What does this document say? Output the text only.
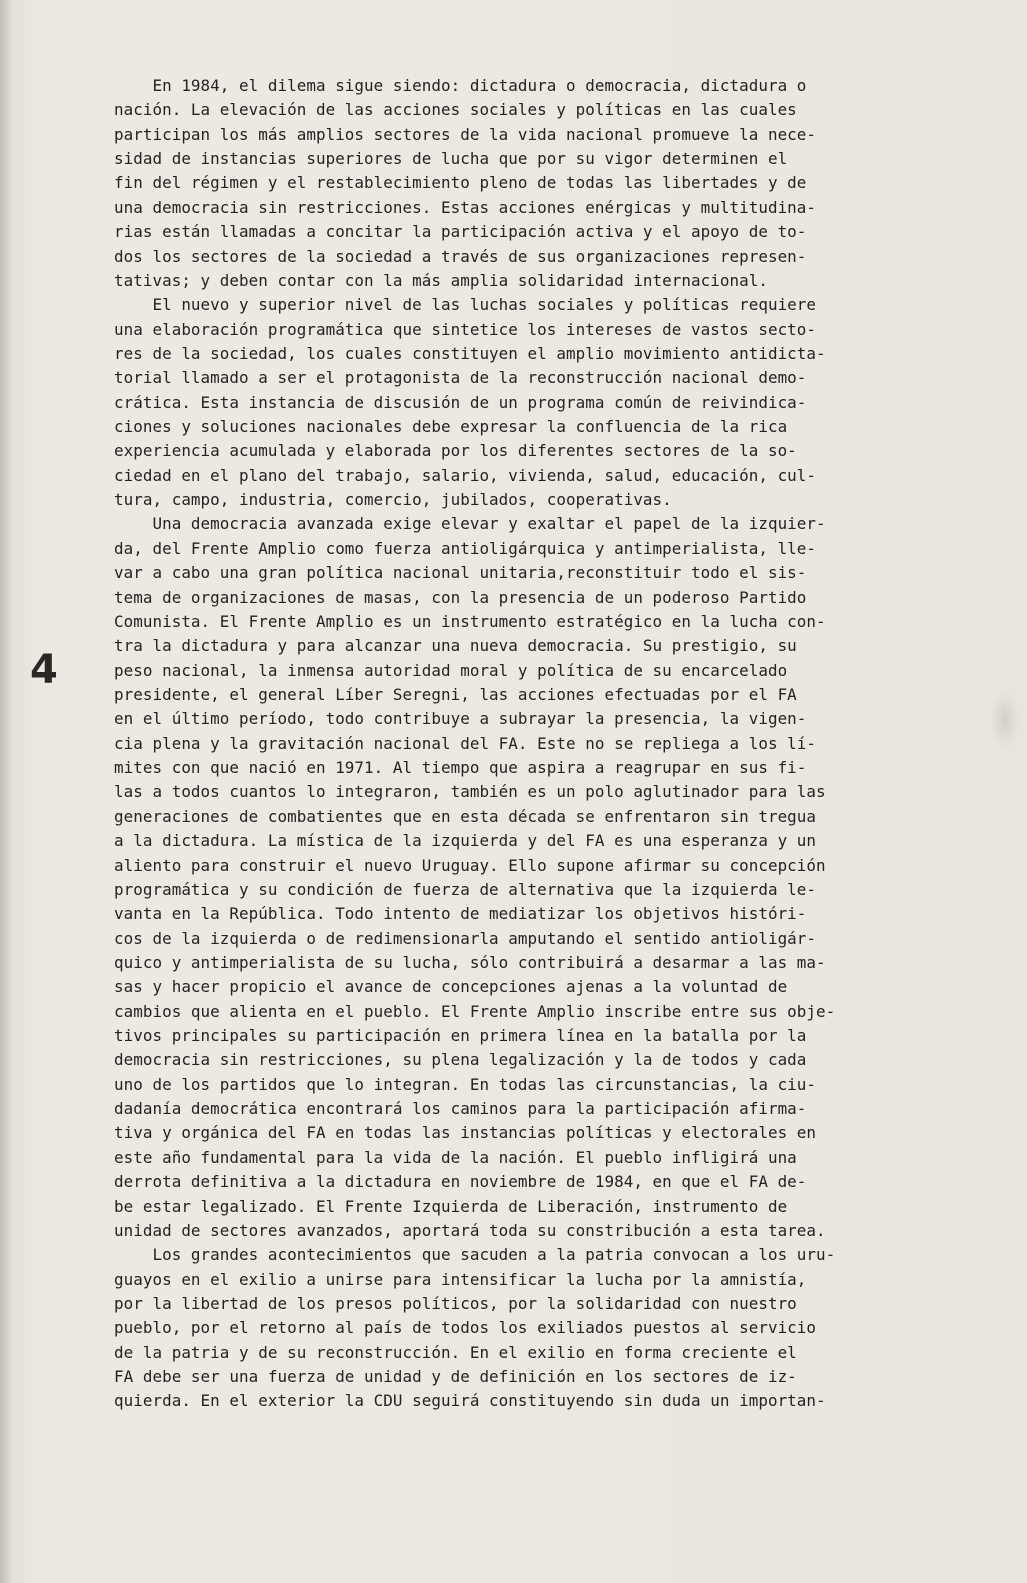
4
En 1984, el dilema sigue siendo: dictadura o democracia, dictadura o
nación. La elevación de las acciones sociales y políticas en las cuales
participan los más amplios sectores de la vida nacional promueve la nece-
sidad de instancias superiores de lucha que por su vigor determinen el
fin del régimen y el restablecimiento pleno de todas las libertades y de
una democracia sin restricciones. Estas acciones enérgicas y multitudina-
rias están llamadas a concitar la participación activa y el apoyo de to-
dos los sectores de la sociedad a través de sus organizaciones represen-
tativas; y deben contar con la más amplia solidaridad internacional.
El nuevo y superior nivel de las luchas sociales y políticas requiere
una elaboración programática que sintetice los intereses de vastos secto-
res de la sociedad, los cuales constituyen el amplio movimiento antidicta-
torial llamado a ser el protagonista de la reconstrucción nacional demo-
crática. Esta instancia de discusión de un programa común de reivindica-
ciones y soluciones nacionales debe expresar la confluencia de la rica
experiencia acumulada y elaborada por los diferentes sectores de la so-
ciedad en el plano del trabajo, salario, vivienda, salud, educación, cul-
tura, campo, industria, comercio, jubilados, cooperativas.
Una democracia avanzada exige elevar y exaltar el papel de la izquier-
da, del Frente Amplio como fuerza antioligárquica y antimperialista, lle-
var a cabo una gran política nacional unitaria,reconstituir todo el sis-
tema de organizaciones de masas, con la presencia de un poderoso Partido
Comunista. El Frente Amplio es un instrumento estratégico en la lucha con-
tra la dictadura y para alcanzar una nueva democracia. Su prestigio, su
peso nacional, la inmensa autoridad moral y política de su encarcelado
presidente, el general Líber Seregni, las acciones efectuadas por el FA
en el último período, todo contribuye a subrayar la presencia, la vigen-
cia plena y la gravitación nacional del FA. Este no se repliega a los lí-
mites con que nació en 1971. Al tiempo que aspira a reagrupar en sus fi-
las a todos cuantos lo integraron, también es un polo aglutinador para las
generaciones de combatientes que en esta década se enfrentaron sin tregua
a la dictadura. La mística de la izquierda y del FA es una esperanza y un
aliento para construir el nuevo Uruguay. Ello supone afirmar su concepción
programática y su condición de fuerza de alternativa que la izquierda le-
vanta en la República. Todo intento de mediatizar los objetivos históri-
cos de la izquierda o de redimensionarla amputando el sentido antioligár-
quico y antimperialista de su lucha, sólo contribuirá a desarmar a las ma-
sas y hacer propicio el avance de concepciones ajenas a la voluntad de
cambios que alienta en el pueblo. El Frente Amplio inscribe entre sus obje-
tivos principales su participación en primera línea en la batalla por la
democracia sin restricciones, su plena legalización y la de todos y cada
uno de los partidos que lo integran. En todas las circunstancias, la ciu-
dadanía democrática encontrará los caminos para la participación afirma-
tiva y orgánica del FA en todas las instancias políticas y electorales en
este año fundamental para la vida de la nación. El pueblo infligirá una
derrota definitiva a la dictadura en noviembre de 1984, en que el FA de-
be estar legalizado. El Frente Izquierda de Liberación, instrumento de
unidad de sectores avanzados, aportará toda su constribución a esta tarea.
Los grandes acontecimientos que sacuden a la patria convocan a los uru-
guayos en el exilio a unirse para intensificar la lucha por la amnistía,
por la libertad de los presos políticos, por la solidaridad con nuestro
pueblo, por el retorno al país de todos los exiliados puestos al servicio
de la patria y de su reconstrucción. En el exilio en forma creciente el
FA debe ser una fuerza de unidad y de definición en los sectores de iz-
quierda. En el exterior la CDU seguirá constituyendo sin duda un importan-
